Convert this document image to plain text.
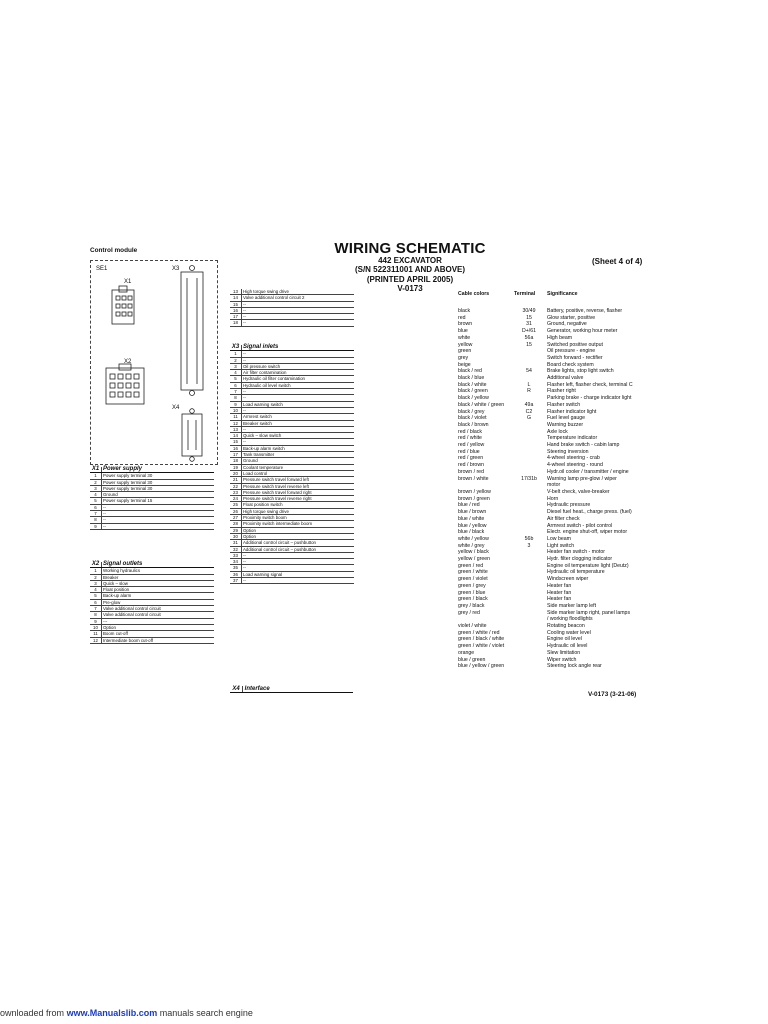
WIRING SCHEMATIC
442 EXCAVATOR
(S/N 522311001 AND ABOVE)
(PRINTED APRIL 2005)
V-0173
(Sheet 4 of 4)
Control module
SE1
X1
X2
X3
X4
X1	Power supply
1	Power supply terminal 30
2	Power supply terminal 30
3	Power supply terminal 30
4	Ground
5	Power supply terminal 15
6	--
7	--
8	--
9	--
X2	Signal outlets
1	Working hydraulics
2	Breaker
3	Quick – slow
4	Float position
5	Back-up alarm
6	Pre-glow
7	Valve additional control circuit
8	Valve additional control circuit
9	---
10	Option
11	Boom cut-off
12	Intermediate boom cut-off
13	High torque swing drive
14	Valve additional control circuit 2
15	--
16	--
17	--
18	--
X3	Signal inlets
1	--
2	--
3	Oil pressure switch
4	Air filter contamination
5	Hydraulic oil filter contamination
6	Hydraulic oil level switch
7	--
8	--
9	Load warning switch
10	--
11	Armrest switch
12	Breaker switch
13	--
14	Quick – slow switch
15	--
16	Back-up alarm switch
17	Tank transmitter
18	Ground
19	Coolant temperature
20	Load control
21	Pressure switch travel forward left
22	Pressure switch travel reverse left
23	Pressure switch travel forward right
24	Pressure switch travel reverse right
25	Float position switch
26	High torque swing drive
27	Proximity switch boom
28	Proximity switch intermediate boom
29	Option
30	Option
31	Additional control circuit – pushbutton
32	Additional control circuit – pushbutton
33	--
34	--
35	--
36	Load warning signal
37	--
X4 Interface
Cable colors	Terminal	Significance
black	30/49	Battery, positive, reverse, flasher
red	15	Glow starter, positive
brown	31	Ground, negative
blue	D+/61	Generator, working hour meter
white	56a	High beam
yellow	15	Switched positive output
green		Oil pressure - engine
grey		Switch forward - rectifier
beige		Board check system
black / red	54	Brake lights, stop light switch
black / blue		Additional valve
black / white	L	Flasher left, flasher check, terminal C
black / green	R	Flasher right
black / yellow		Parking brake - charge indicator light
black / white / green	49a	Flasher switch
black / grey	C2	Flasher indicator light
black / violet	G	Fuel level gauge
black / brown		Warning buzzer
red / black		Axle lock
red / white		Temperature indicator
red / yellow		Hand brake switch - cabin lamp
red / blue		Steering inversion
red / green		4-wheel steering - crab
red / brown		4-wheel steering - round
brown / red		Hydr.oil cooler / transmitter / engine
brown / white	17/31b	Warning lamp pre-glow / wiper
		motor
brown / yellow		V-belt check, valve-breaker
brown / green		Horn
blue / red		Hydraulic pressure
blue / brown		Diesel fuel heat., charge press. (fuel)
blue / white		Air filter check
blue / yellow		Armrest switch - pilot control
blue / black		Electr. engine shut-off, wiper motor
white / yellow	56b	Low beam
white / grey	3	Light switch
yellow / black		Heater fan switch - motor
yellow / green		Hydr. filter clogging indicator
green / red		Engine oil temperature light (Deutz)
green / white		Hydraulic oil temperature
green / violet		Windscreen wiper
green / grey		Heater fan
green / blue		Heater fan
green / black		Heater fan
grey / black		Side marker lamp left
grey / red		Side marker lamp right, panel lamps
		/ working floodlights
violet / white		Rotating beacon
green / white / red		Cooling water level
green / black / white		Engine oil level
green / white / violet		Hydraulic oil level
orange		Slew limitation
blue / green		Wiper switch
blue / yellow / green		Steering lock angle rear
V-0173 (3-21-06)
ownloaded from www.Manualslib.com manuals search engine
